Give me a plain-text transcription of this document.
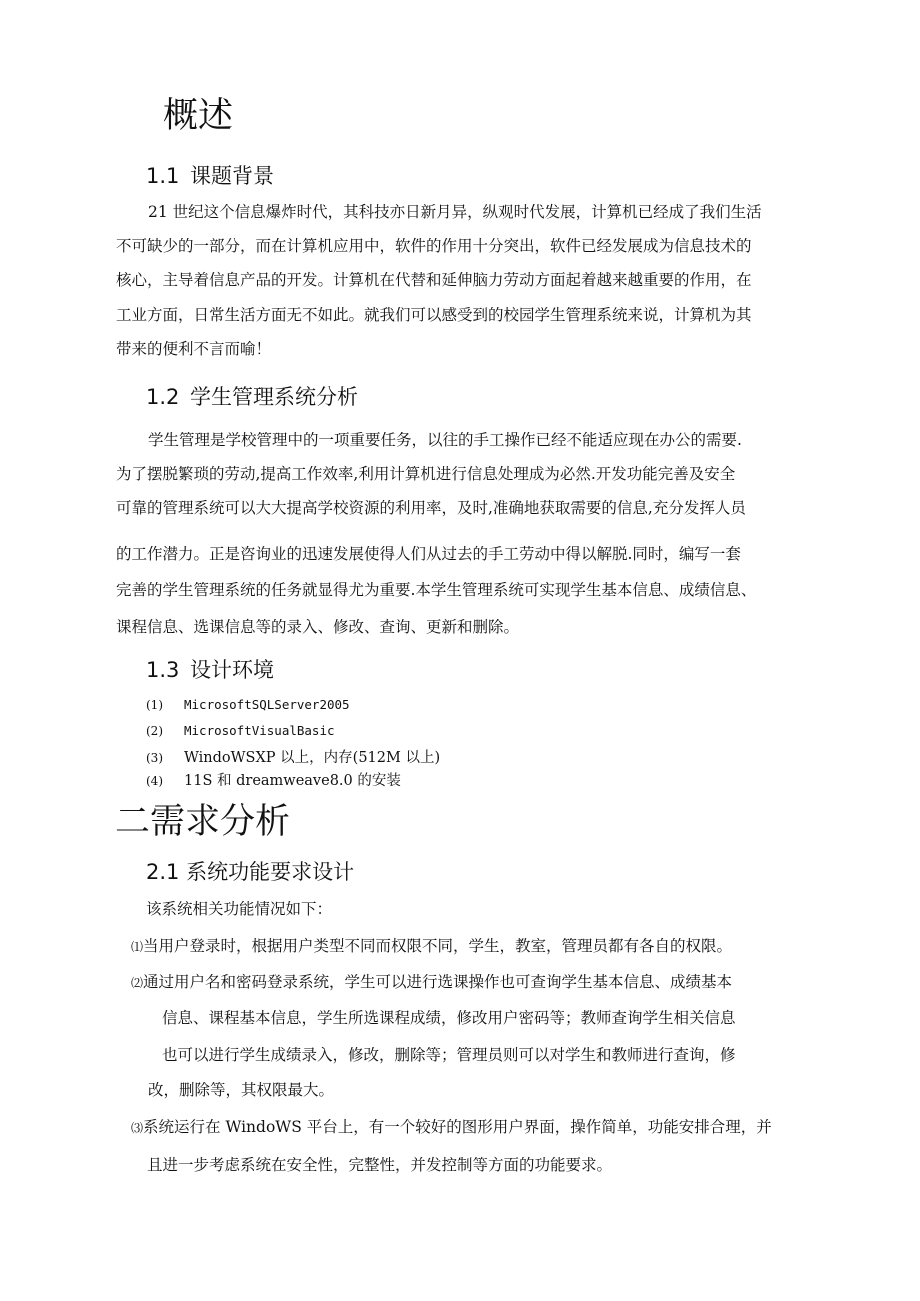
概述
1.1 课题背景
21 世纪这个信息爆炸时代，其科技亦日新月异，纵观时代发展，计算机已经成了我们生活
不可缺少的一部分，而在计算机应用中，软件的作用十分突出，软件已经发展成为信息技术的
核心，主导着信息产品的开发。计算机在代替和延伸脑力劳动方面起着越来越重要的作用，在
工业方面，日常生活方面无不如此。就我们可以感受到的校园学生管理系统来说，计算机为其
带来的便利不言而喻！
1.2 学生管理系统分析
学生管理是学校管理中的一项重要任务，以往的手工操作已经不能适应现在办公的需要.
为了摆脱繁琐的劳动,提高工作效率,利用计算机进行信息处理成为必然.开发功能完善及安全
可靠的管理系统可以大大提高学校资源的利用率，及时,准确地获取需要的信息,充分发挥人员
的工作潜力。正是咨询业的迅速发展使得人们从过去的手工劳动中得以解脱.同时，编写一套
完善的学生管理系统的任务就显得尤为重要.本学生管理系统可实现学生基本信息、成绩信息、
课程信息、选课信息等的录入、修改、查询、更新和删除。
1.3 设计环境
(1) MicrosoftSQLServer2005
(2) MicrosoftVisualBasic
(3) WindoWSXP 以上，内存(512M 以上)
(4) 11S 和 dreamweave8.0 的安装
二需求分析
2.1 系统功能要求设计
该系统相关功能情况如下：
⑴当用户登录时，根据用户类型不同而权限不同，学生，教室，管理员都有各自的权限。
⑵通过用户名和密码登录系统，学生可以进行选课操作也可查询学生基本信息、成绩基本
信息、课程基本信息，学生所选课程成绩，修改用户密码等；教师查询学生相关信息
也可以进行学生成绩录入，修改，删除等；管理员则可以对学生和教师进行查询，修
改，删除等，其权限最大。
⑶系统运行在 WindoWS 平台上，有一个较好的图形用户界面，操作简单，功能安排合理，并
且进一步考虑系统在安全性，完整性，并发控制等方面的功能要求。
